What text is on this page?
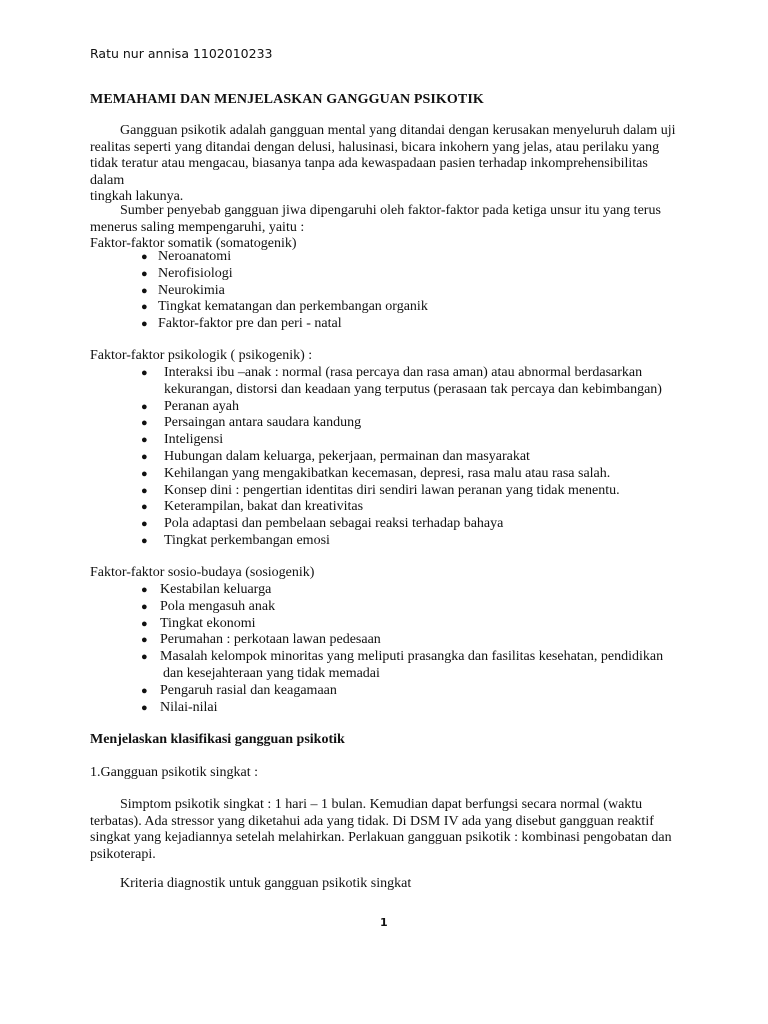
Ratu nur annisa 1102010233
MEMAHAMI DAN MENJELASKAN GANGGUAN PSIKOTIK
Gangguan psikotik adalah gangguan mental yang ditandai dengan kerusakan menyeluruh dalam uji
realitas seperti yang ditandai dengan delusi, halusinasi, bicara inkohern yang jelas, atau perilaku yang
tidak teratur atau mengacau, biasanya tanpa ada kewaspadaan pasien terhadap inkomprehensibilitas dalam
tingkah lakunya.
Sumber penyebab gangguan jiwa dipengaruhi oleh faktor-faktor pada ketiga unsur itu yang terus
menerus saling mempengaruhi, yaitu :
Faktor-faktor somatik (somatogenik)
● Neroanatomi
● Nerofisiologi
● Neurokimia
● Tingkat kematangan dan perkembangan organik
● Faktor-faktor pre dan peri - natal
Faktor-faktor psikologik ( psikogenik) :
● Interaksi ibu –anak : normal (rasa percaya dan rasa aman) atau abnormal berdasarkan
kekurangan, distorsi dan keadaan yang terputus (perasaan tak percaya dan kebimbangan)
● Peranan ayah
● Persaingan antara saudara kandung
● Inteligensi
● Hubungan dalam keluarga, pekerjaan, permainan dan masyarakat
● Kehilangan yang mengakibatkan kecemasan, depresi, rasa malu atau rasa salah.
● Konsep dini : pengertian identitas diri sendiri lawan peranan yang tidak menentu.
● Keterampilan, bakat dan kreativitas
● Pola adaptasi dan pembelaan sebagai reaksi terhadap bahaya
● Tingkat perkembangan emosi
Faktor-faktor sosio-budaya (sosiogenik)
● Kestabilan keluarga
● Pola mengasuh anak
● Tingkat ekonomi
● Perumahan : perkotaan lawan pedesaan
● Masalah kelompok minoritas yang meliputi prasangka dan fasilitas kesehatan, pendidikan
dan kesejahteraan yang tidak memadai
● Pengaruh rasial dan keagamaan
● Nilai-nilai
Menjelaskan klasifikasi gangguan psikotik
1.Gangguan psikotik singkat :
Simptom psikotik singkat : 1 hari – 1 bulan. Kemudian dapat berfungsi secara normal (waktu
terbatas). Ada stressor yang diketahui ada yang tidak. Di DSM IV ada yang disebut gangguan reaktif
singkat yang kejadiannya setelah melahirkan. Perlakuan gangguan psikotik : kombinasi pengobatan dan
psikoterapi.
Kriteria diagnostik untuk gangguan psikotik singkat
1
